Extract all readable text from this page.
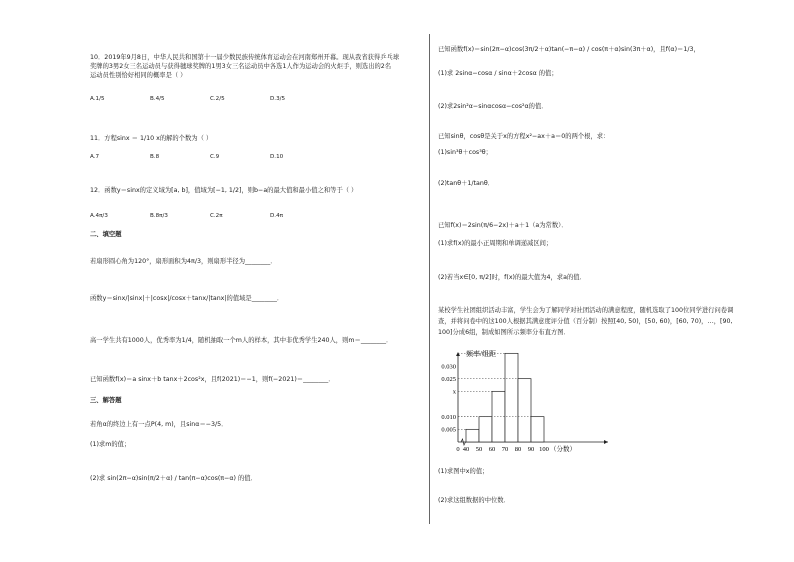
10．2019年9月8日，中华人民共和国第十一届少数民族传统体育运动会在河南郑州开幕。现从我省获得乒乓球
奖牌的3男2女三名运动员与获得毽球奖牌的1男3女三名运动员中各选1人作为运动会的火炬手，则选出的2名
运动员性别恰好相同的概率是（ ）
A.1/5	B.4/5	C.2/5	D.3/5
11．方程sinx ＝ 1/10 x的解的个数为（ ）
A.7	B.8	C.9	D.10
12．函数y＝sinx的定义域为[a, b]，值域为[−1, 1/2]，则b−a的最大值和最小值之和等于（ ）
A.4π/3	B.8π/3	C.2π	D.4π
二、填空题
若扇形圆心角为120°，扇形面积为4π/3，则扇形半径为________．
函数y＝sinx/|sinx|＋|cosx|/cosx＋tanx/|tanx|的值域是________．
高一学生共有1000人，优秀率为1/4，随机抽取一个m人的样本，其中非优秀学生240人，则m＝________．
已知函数f(x)＝a sinx＋b tanx＋2cos²x，且f(2021)＝−1，则f(−2021)＝________．
三、解答题
若角α的终边上有一点P(4, m)，且sinα＝−3/5．
(1)求m的值；
(2)求 sin(2π−α)sin(π/2＋α) / tan(π−α)cos(π−α) 的值．
已知函数f(x)＝sin(2π−α)cos(3π/2＋α)tan(−π−α) / cos(π＋α)sin(3π＋α)，且f(α)＝1/3，
(1)求 2sinα−cosα / sinα＋2cosα 的值；
(2)求2sin²α−sinαcosα−cos²α的值．
已知sinθ，cosθ是关于x的方程x²−ax＋a＝0的两个根，求：
(1)sin³θ＋cos³θ；
(2)tanθ＋1/tanθ．
已知f(x)＝2sin(π/6−2x)＋a＋1（a为常数）．
(1)求f(x)的最小正周期和单调递减区间；
(2)若当x∈[0, π/2]时，f(x)的最大值为4，求a的值．
某校学生社团组织活动丰富，学生会为了解同学对社团活动的满意程度，随机选取了100位同学进行问卷调
查，并将问卷中的这100人根据其满意度评分值（百分制）按照[40, 50)，[50, 60)，[60, 70)，…，[90,
100]分成6组，制成如图所示频率分布直方图．
频率/组距
0.030
0.025
x
0.010
0.005
0 40 50 60 70 80 90 100 （分数）
(1)求图中x的值；
(2)求这组数据的中位数．
